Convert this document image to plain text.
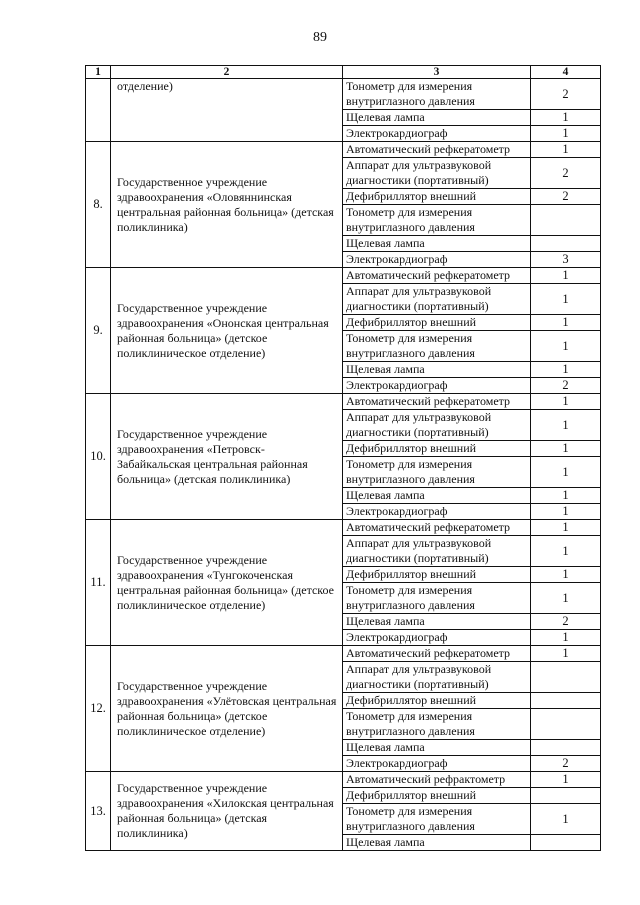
89
1	2	3	4
	отделение)	Тонометр для измерения
внутриглазного давления	2

		Щелевая лампа	1

		Электрокардиограф	1
8.	Государственное учреждение здравоохранения «Оловяннинская центральная районная больница» (детская поликлиника)	Автоматический рефкератометр	1

		Аппарат для ультразвуковой
диагностики (портативный)	2

		Дефибриллятор внешний	2

		Тонометр для измерения
внутриглазного давления	

		Щелевая лампа	

		Электрокардиограф	3
9.	Государственное учреждение здравоохранения «Ононская центральная районная больница» (детское поликлиническое отделение)	Автоматический рефкератометр	1

		Аппарат для ультразвуковой
диагностики (портативный)	1

		Дефибриллятор внешний	1

		Тонометр для измерения
внутриглазного давления	1

		Щелевая лампа	1

		Электрокардиограф	2
10.	Государственное учреждение здравоохранения «Петровск-Забайкальская центральная районная больница» (детская поликлиника)	Автоматический рефкератометр	1

		Аппарат для ультразвуковой
диагностики (портативный)	1

		Дефибриллятор внешний	1

		Тонометр для измерения
внутриглазного давления	1

		Щелевая лампа	1

		Электрокардиограф	1
11.	Государственное учреждение здравоохранения «Тунгокоченская центральная районная больница» (детское поликлиническое отделение)	Автоматический рефкератометр	1

		Аппарат для ультразвуковой
диагностики (портативный)	1

		Дефибриллятор внешний	1

		Тонометр для измерения
внутриглазного давления	1

		Щелевая лампа	2

		Электрокардиограф	1
12.	Государственное учреждение здравоохранения «Улётовская центральная районная больница» (детское поликлиническое отделение)	Автоматический рефкератометр	1

		Аппарат для ультразвуковой
диагностики (портативный)	

		Дефибриллятор внешний	

		Тонометр для измерения
внутриглазного давления	

		Щелевая лампа	

		Электрокардиограф	2
13.	Государственное учреждение здравоохранения «Хилокская центральная районная больница» (детская поликлиника)	Автоматический рефрактометр	1

		Дефибриллятор внешний	

		Тонометр для измерения
внутриглазного давления	1

		Щелевая лампа	
